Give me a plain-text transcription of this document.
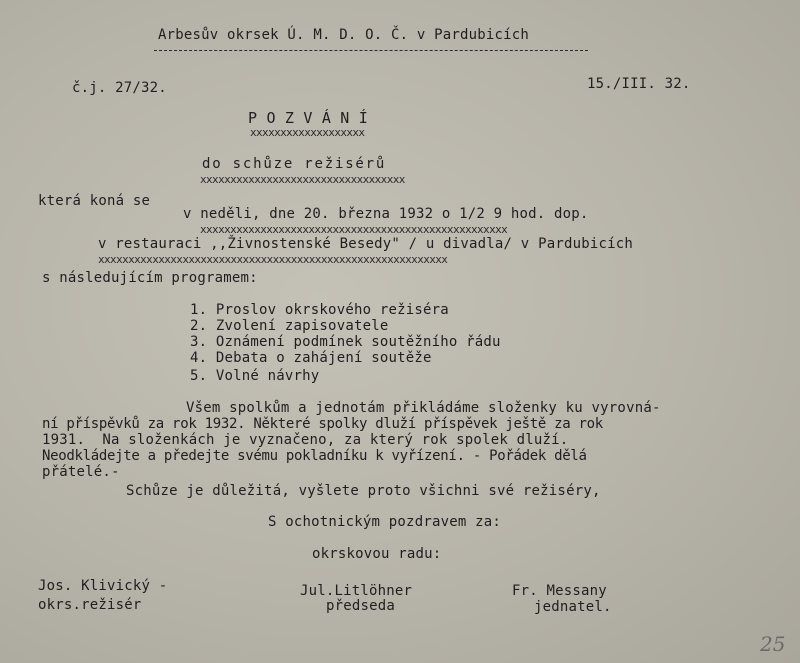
Arbesův okrsek Ú. M. D. O. Č. v Pardubicích
č.j. 27/32.	15./III. 32.
P O Z V Á N Í
xxxxxxxxxxxxxxxxxxx
do schůze režisérů
xxxxxxxxxxxxxxxxxxxxxxxxxxxxxxxxxx
která koná se
v neděli, dne 20. března 1932 o 1/2 9 hod. dop.
xxxxxxxxxxxxxxxxxxxxxxxxxxxxxxxxxxxxxxxxxxxxxxxxxxx
v restauraci ,,Živnostenské Besedy" / u divadla/ v Pardubicích
xxxxxxxxxxxxxxxxxxxxxxxxxxxxxxxxxxxxxxxxxxxxxxxxxxxxxxxxxx
s následujícím programem:
1. Proslov okrskového režiséra
2. Zvolení zapisovatele
3. Oznámení podmínek soutěžního řádu
4. Debata o zahájení soutěže
5. Volné návrhy
Všem spolkům a jednotám přikládáme složenky ku vyrovná-
ní příspěvků za rok 1932. Některé spolky dluží příspěvek ještě za rok
1931.  Na složenkách je vyznačeno, za který rok spolek dluží.
Neodkládejte a předejte svému pokladníku k vyřízení. - Pořádek dělá
přátelé.-
Schůze je důležitá, vyšlete proto všichni své režiséry,
S ochotnickým pozdravem za:
okrskovou radu:
Jos. Klivický -
okrs.režisér
Jul.Litlöhner
předseda
Fr. Messany
jednatel.
25
